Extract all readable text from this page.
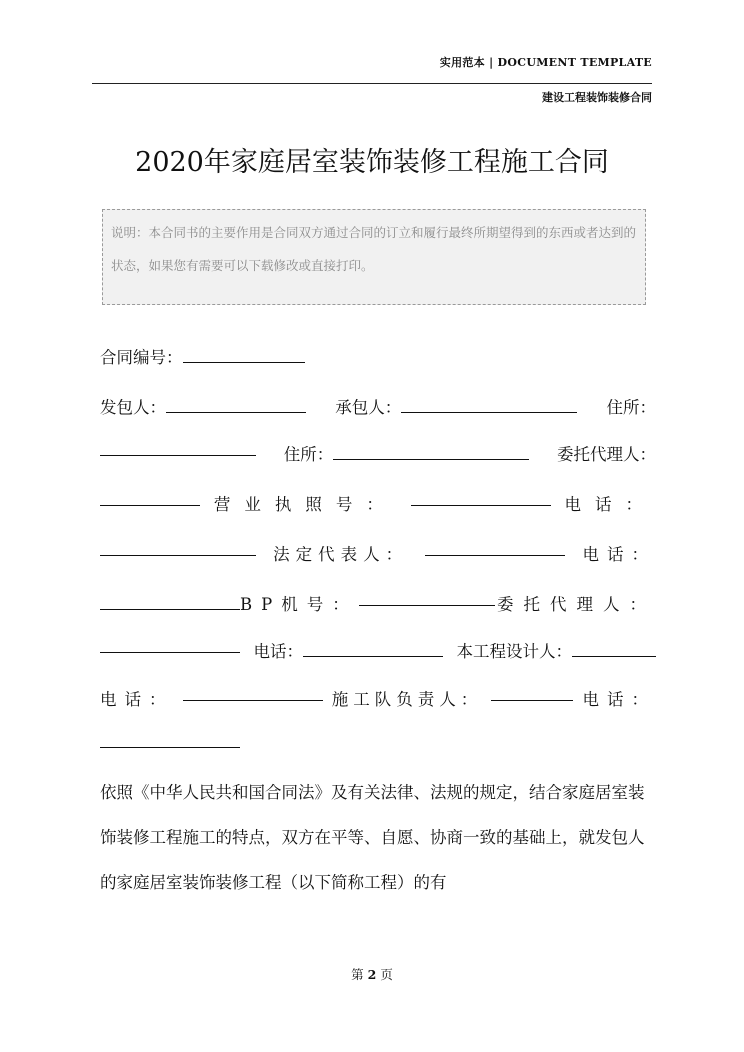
实用范本 | DOCUMENT TEMPLATE
建设工程装饰装修合同
2020年家庭居室装饰装修工程施工合同
说明：本合同书的主要作用是合同双方通过合同的订立和履行最终所期望得到的东西或者达到的状态，如果您有需要可以下载修改或直接打印。
合同编号：
发包人：	承包人：	住所：
住所：	委托代理人：
营业执照号：	电话：
法定代表人：	电话：
BP机号：	委托代理人：
电话：	本工程设计人：
电话：	施工队负责人：	电话：
依照《中华人民共和国合同法》及有关法律、法规的规定，结合家庭居室装饰装修工程施工的特点，双方在平等、自愿、协商一致的基础上，就发包人的家庭居室装饰装修工程（以下简称工程）的有
第 2 页
